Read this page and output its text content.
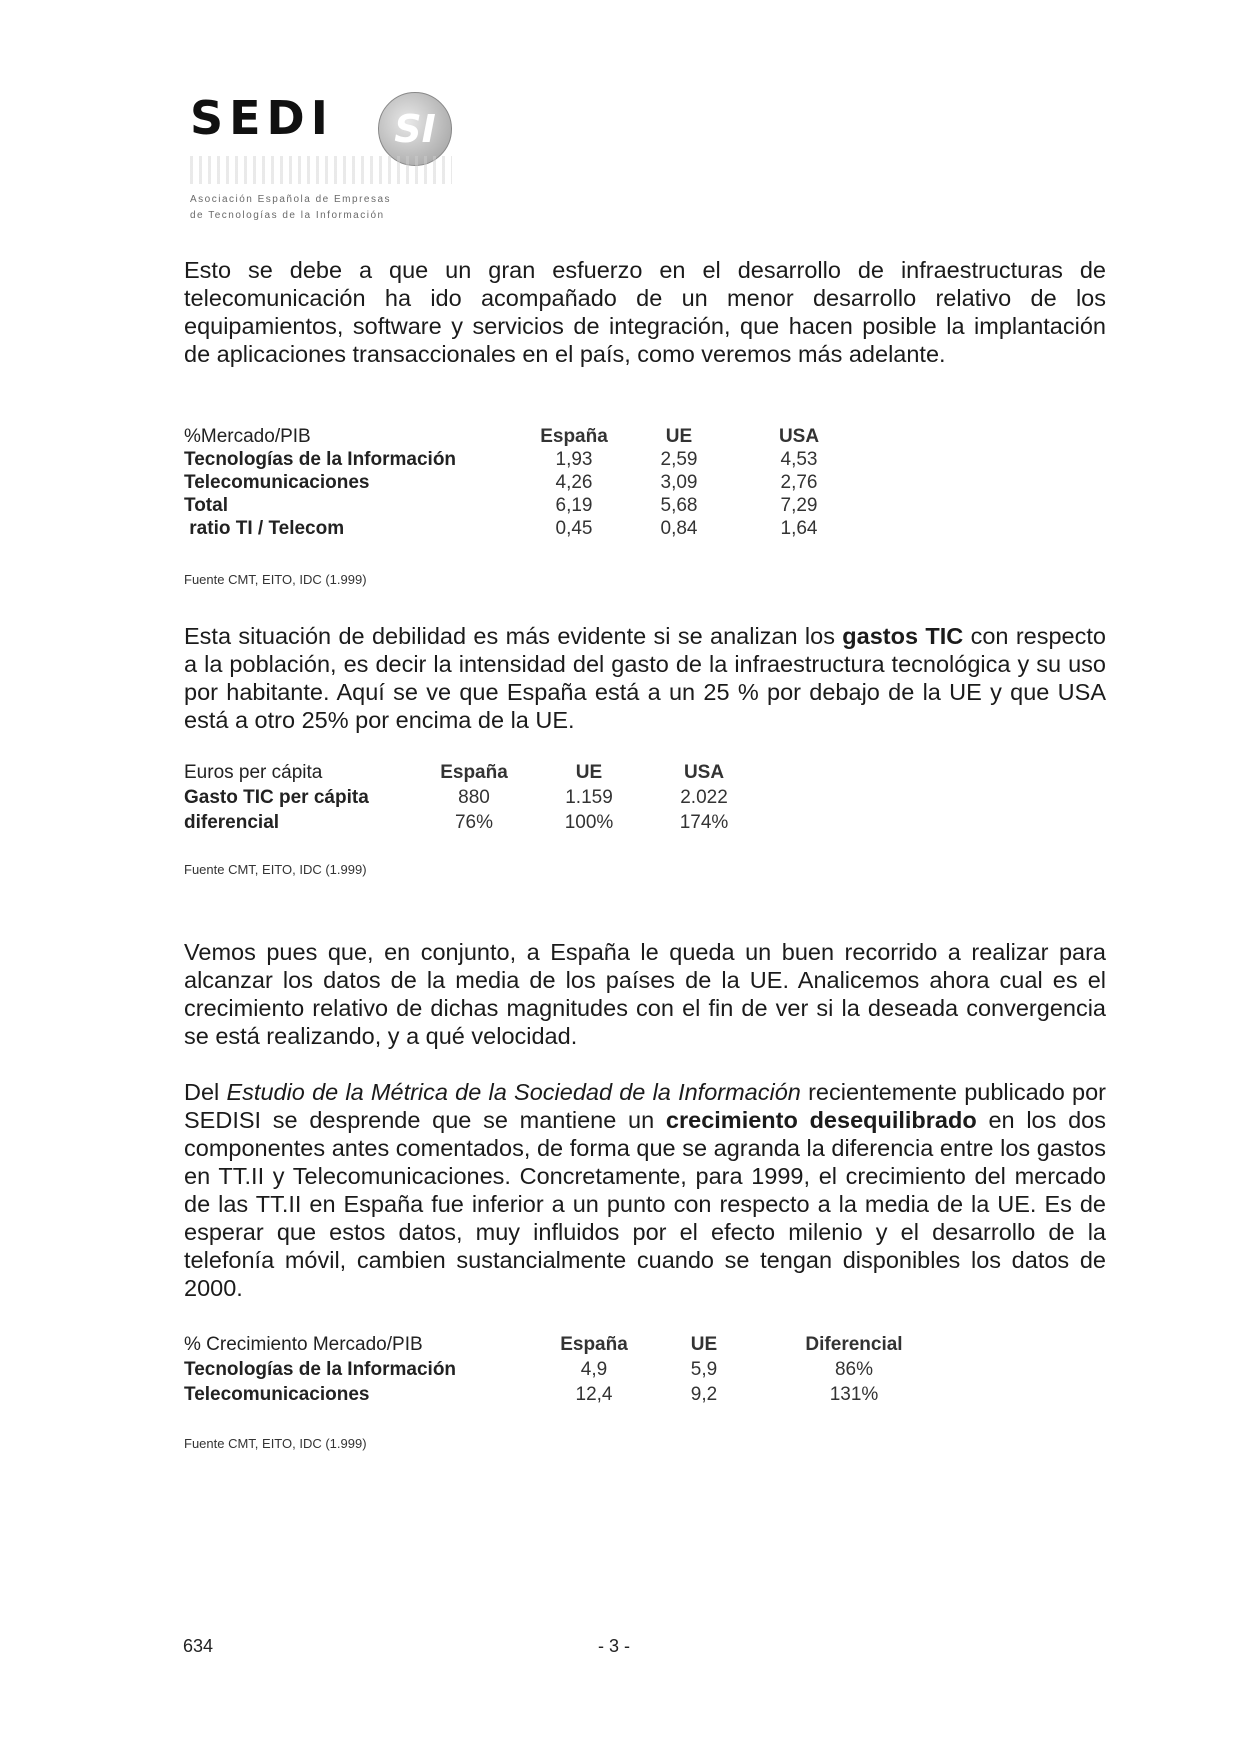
SEDI	SI
Asociación Española de Empresas
de Tecnologías de la Información
Esto se debe a que un gran esfuerzo en el desarrollo de infraestructuras de telecomunicación ha ido acompañado de un menor desarrollo relativo de los equipamientos, software y servicios de integración, que hacen posible la implantación de aplicaciones transaccionales en el país, como veremos más adelante.
%Mercado/PIB	España	UE	USA
Tecnologías de la Información	1,93	2,59	4,53
Telecomunicaciones	4,26	3,09	2,76
Total	6,19	5,68	7,29
ratio TI / Telecom	0,45	0,84	1,64
Fuente CMT, EITO, IDC (1.999)
Esta situación de debilidad es más evidente si se analizan los gastos TIC con respecto a la población, es decir la intensidad del gasto de la infraestructura tecnológica y su uso por habitante. Aquí se ve que España está a un 25 % por debajo de la UE y que USA está a otro 25% por encima de la UE.
Euros per cápita	España	UE	USA
Gasto TIC per cápita	880	1.159	2.022
diferencial	76%	100%	174%
Fuente CMT, EITO, IDC (1.999)
Vemos pues que, en conjunto, a España le queda un buen recorrido a realizar para alcanzar los datos de la media de los países de la UE. Analicemos ahora cual es el crecimiento relativo de dichas magnitudes con el fin de ver si la deseada convergencia se está realizando, y a qué velocidad.
Del Estudio de la Métrica de la Sociedad de la Información recientemente publicado por SEDISI se desprende que se mantiene un crecimiento desequilibrado en los dos componentes antes comentados, de forma que se agranda la diferencia entre los gastos en TT.II y Telecomunicaciones. Concretamente, para 1999, el crecimiento del mercado de las TT.II en España fue inferior a un punto con respecto a la media de la UE. Es de esperar que estos datos, muy influidos por el efecto milenio y el desarrollo de la telefonía móvil, cambien sustancialmente cuando se tengan disponibles los datos de 2000.
% Crecimiento Mercado/PIB	España	UE	Diferencial
Tecnologías de la Información	4,9	5,9	86%
Telecomunicaciones	12,4	9,2	131%
Fuente CMT, EITO, IDC (1.999)
634	- 3 -
